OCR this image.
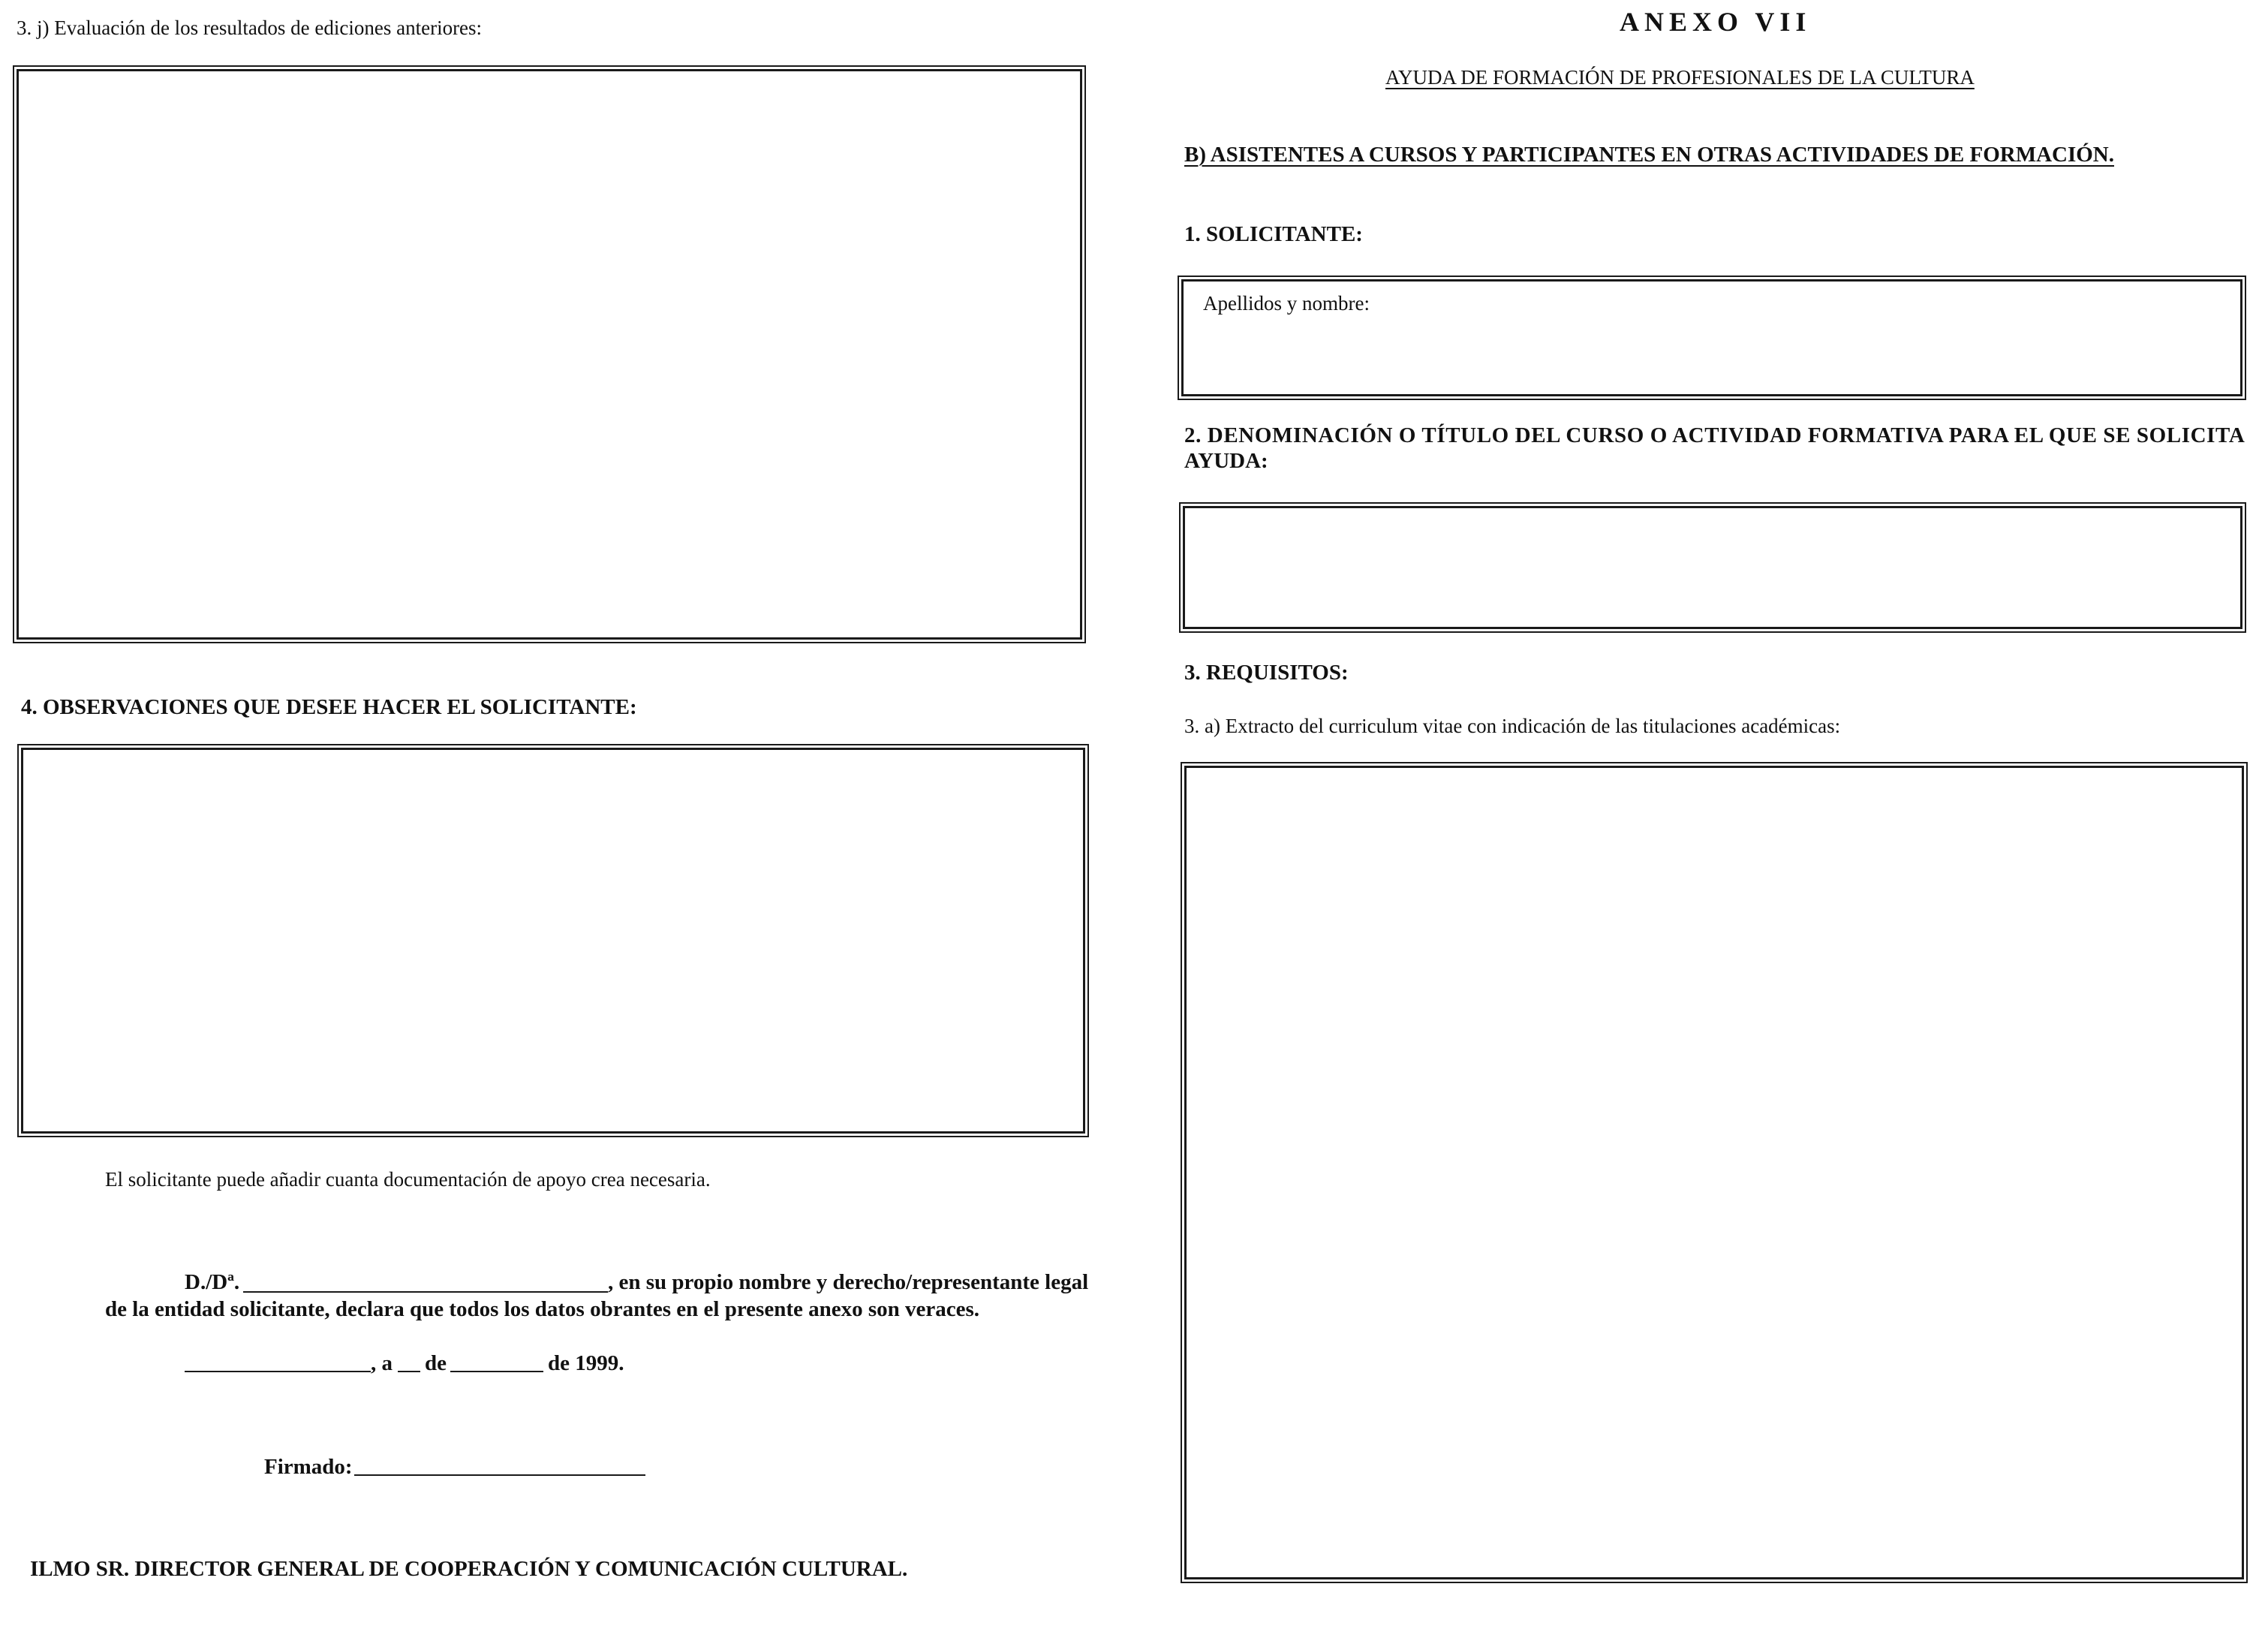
3. j) Evaluación de los resultados de ediciones anteriores:
4. OBSERVACIONES QUE DESEE HACER EL SOLICITANTE:
El solicitante puede añadir cuanta documentación de apoyo crea necesaria.
D./Dª.	, en su propio nombre y derecho/representante legal
de la entidad solicitante, declara que todos los datos obrantes en el presente anexo son veraces.
, a de	de 1999.
Firmado:
ILMO SR. DIRECTOR GENERAL DE COOPERACIÓN Y COMUNICACIÓN CULTURAL.
ANEXO VII
AYUDA DE FORMACIÓN DE PROFESIONALES DE LA CULTURA
B) ASISTENTES A CURSOS Y PARTICIPANTES EN OTRAS ACTIVIDADES DE FORMACIÓN.
1. SOLICITANTE:
Apellidos y nombre:
2. DENOMINACIÓN O TÍTULO DEL CURSO O ACTIVIDAD FORMATIVA PARA EL QUE SE SOLICITA
AYUDA:
3. REQUISITOS:
3. a) Extracto del curriculum vitae con indicación de las titulaciones académicas:
